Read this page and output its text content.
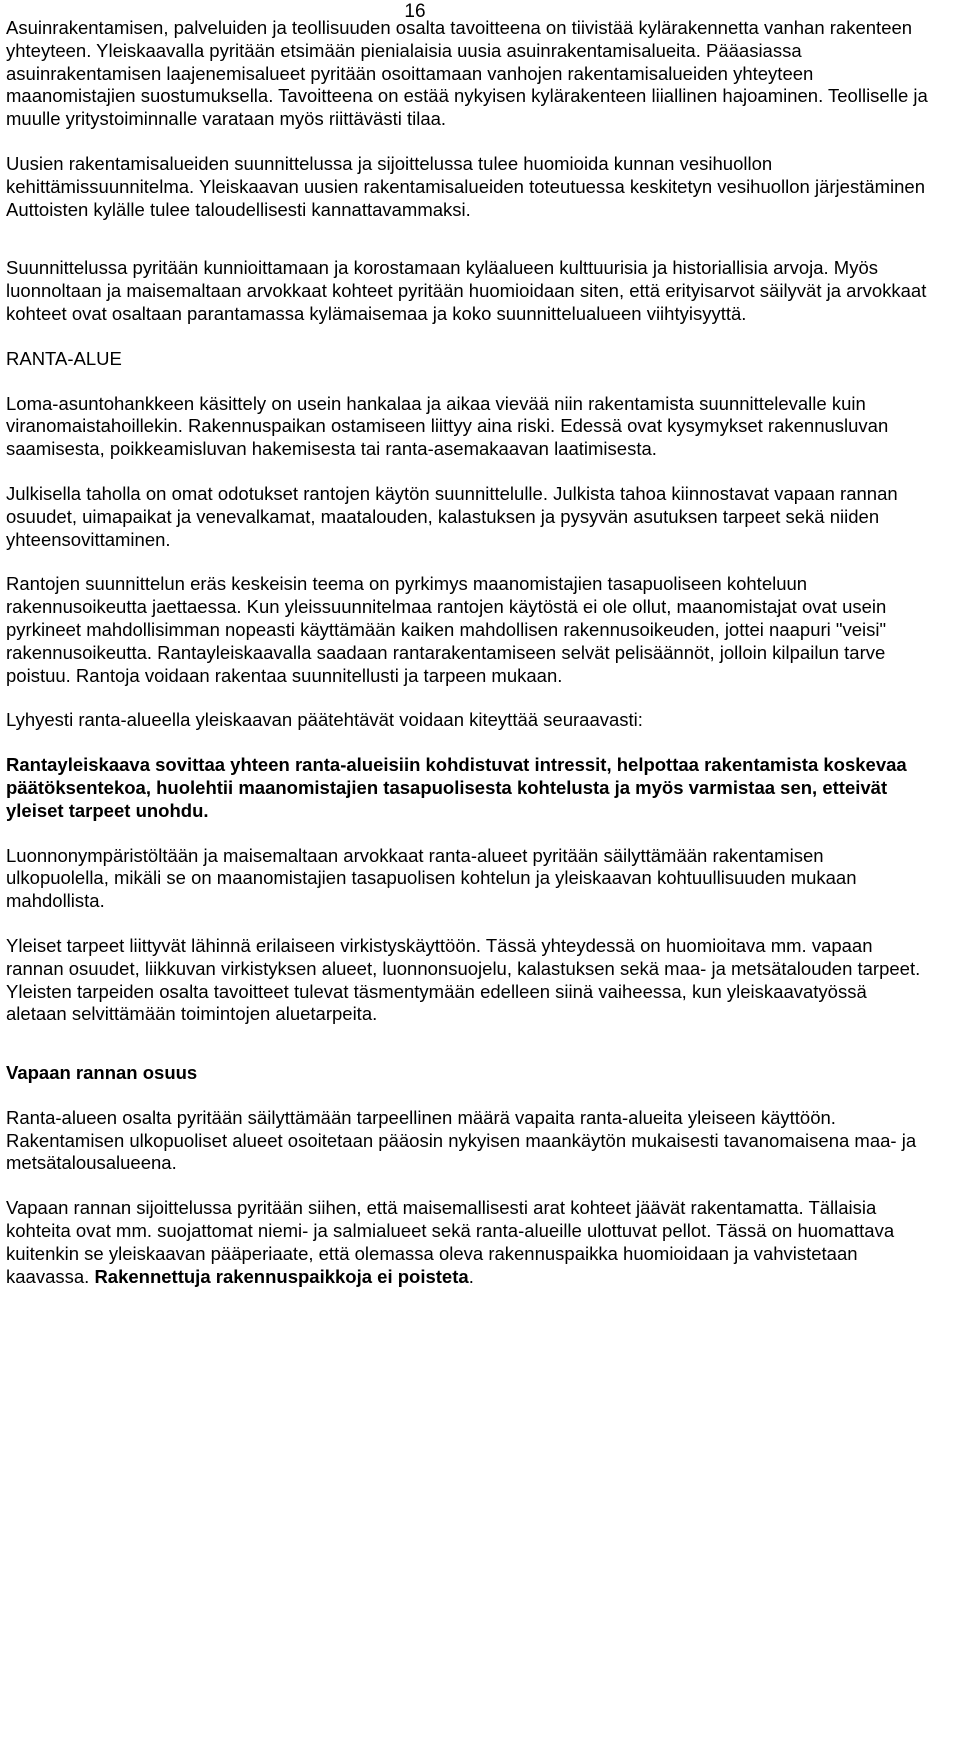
16

Asuinrakentamisen, palveluiden ja teollisuuden osalta tavoitteena on tiivistää kylärakennetta vanhan rakenteen yhteyteen. Yleiskaavalla pyritään etsimään pienialaisia uusia asuinrakentamisalueita. Pääasiassa asuinrakentamisen laajenemisalueet pyritään osoittamaan vanhojen rakentamisalueiden yhteyteen maanomistajien suostumuksella. Tavoitteena on estää nykyisen kylärakenteen liiallinen hajoaminen. Teolliselle ja muulle yritystoiminnalle varataan myös riittävästi tilaa.

Uusien rakentamisalueiden suunnittelussa ja sijoittelussa tulee huomioida kunnan vesihuollon kehittämissuunnitelma. Yleiskaavan uusien rakentamisalueiden toteutuessa keskitetyn vesihuollon järjestäminen Auttoisten kylälle tulee taloudellisesti kannattavammaksi.

Suunnittelussa pyritään kunnioittamaan ja korostamaan kyläalueen kulttuurisia ja historiallisia arvoja. Myös luonnoltaan ja maisemaltaan arvokkaat kohteet pyritään huomioidaan siten, että erityisarvot säilyvät ja arvokkaat kohteet ovat osaltaan parantamassa kylämaisemaa ja koko suunnittelualueen viihtyisyyttä.

RANTA-ALUE

Loma-asuntohankkeen käsittely on usein hankalaa ja aikaa vievää niin rakentamista suunnittelevalle kuin viranomaistahoillekin. Rakennuspaikan ostamiseen liittyy aina riski. Edessä ovat kysymykset rakennusluvan saamisesta, poikkeamisluvan hakemisesta tai ranta-asemakaavan laatimisesta.

Julkisella taholla on omat odotukset rantojen käytön suunnittelulle. Julkista tahoa kiinnostavat vapaan rannan osuudet, uimapaikat ja venevalkamat, maatalouden, kalastuksen ja pysyvän asutuksen tarpeet sekä niiden yhteensovittaminen.

Rantojen suunnittelun eräs keskeisin teema on pyrkimys maanomistajien tasapuoliseen kohteluun rakennusoikeutta jaettaessa. Kun yleissuunnitelmaa rantojen käytöstä ei ole ollut, maanomistajat ovat usein pyrkineet mahdollisimman nopeasti käyttämään kaiken mahdollisen rakennusoikeuden, jottei naapuri "veisi" rakennusoikeutta. Rantayleiskaavalla saadaan rantarakentamiseen selvät pelisäännöt, jolloin kilpailun tarve poistuu. Rantoja voidaan rakentaa suunnitellusti ja tarpeen mukaan.

Lyhyesti ranta-alueella yleiskaavan päätehtävät voidaan kiteyttää seuraavasti:

Rantayleiskaava sovittaa yhteen ranta-alueisiin kohdistuvat intressit, helpottaa rakentamista koskevaa päätöksentekoa, huolehtii maanomistajien tasapuolisesta kohtelusta ja myös varmistaa sen, etteivät yleiset tarpeet unohdu.

Luonnonympäristöltään ja maisemaltaan arvokkaat ranta-alueet pyritään säilyttämään rakentamisen ulkopuolella, mikäli se on maanomistajien tasapuolisen kohtelun ja yleiskaavan kohtuullisuuden mukaan mahdollista.

Yleiset tarpeet liittyvät lähinnä erilaiseen virkistyskäyttöön. Tässä yhteydessä on huomioitava mm. vapaan rannan osuudet, liikkuvan virkistyksen alueet, luonnonsuojelu, kalastuksen sekä maa- ja metsätalouden tarpeet. Yleisten tarpeiden osalta tavoitteet tulevat täsmentymään edelleen siinä vaiheessa, kun yleiskaavatyössä aletaan selvittämään toimintojen aluetarpeita.

Vapaan rannan osuus

Ranta-alueen osalta pyritään säilyttämään tarpeellinen määrä vapaita ranta-alueita yleiseen käyttöön. Rakentamisen ulkopuoliset alueet osoitetaan pääosin nykyisen maankäytön mukaisesti tavanomaisena maa- ja metsätalousalueena.

Vapaan rannan sijoittelussa pyritään siihen, että maisemallisesti arat kohteet jäävät rakentamatta. Tällaisia kohteita ovat mm. suojattomat niemi- ja salmialueet sekä ranta-alueille ulottuvat pellot. Tässä on huomattava kuitenkin se yleiskaavan pääperiaate, että olemassa oleva rakennuspaikka huomioidaan ja vahvistetaan kaavassa. Rakennettuja rakennuspaikkoja ei poisteta.
